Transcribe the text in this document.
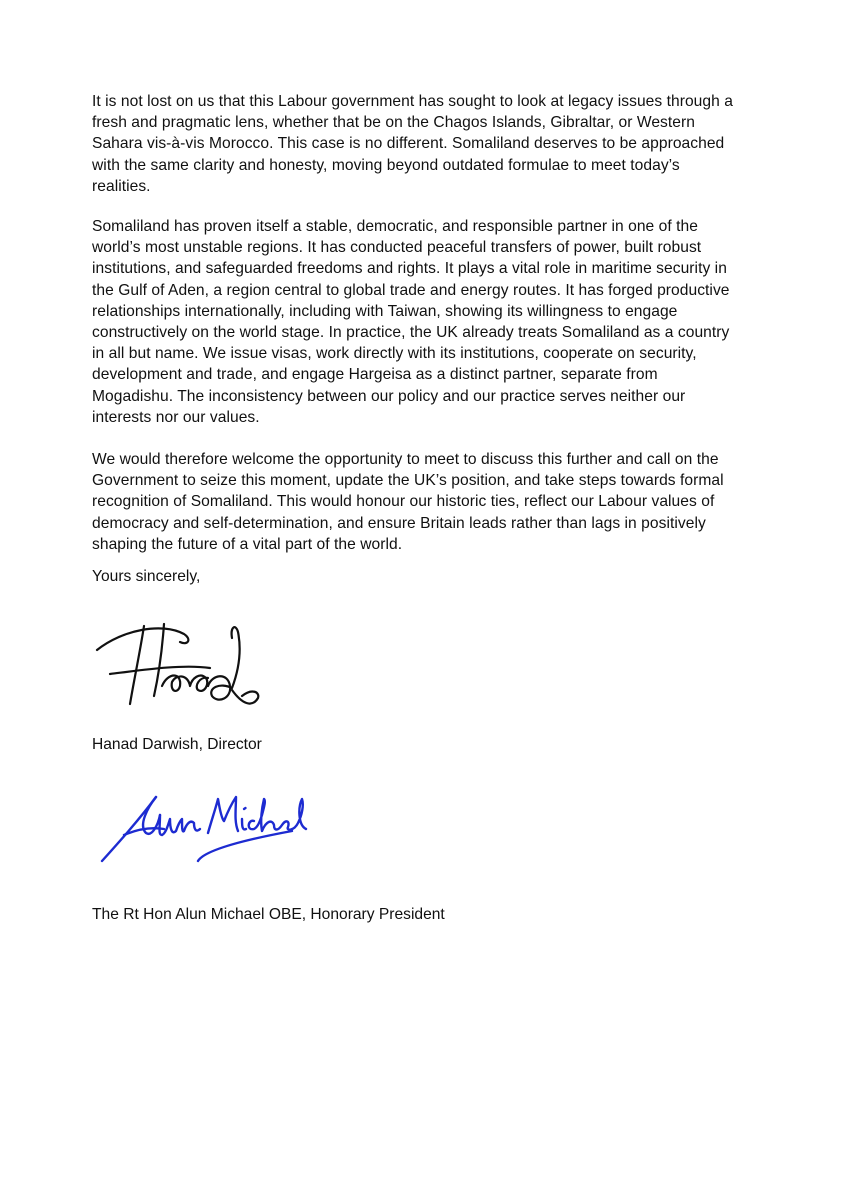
It is not lost on us that this Labour government has sought to look at legacy issues through a
fresh and pragmatic lens, whether that be on the Chagos Islands, Gibraltar, or Western
Sahara vis-à-vis Morocco. This case is no different. Somaliland deserves to be approached
with the same clarity and honesty, moving beyond outdated formulae to meet today’s
realities.
Somaliland has proven itself a stable, democratic, and responsible partner in one of the
world’s most unstable regions. It has conducted peaceful transfers of power, built robust
institutions, and safeguarded freedoms and rights. It plays a vital role in maritime security in
the Gulf of Aden, a region central to global trade and energy routes. It has forged productive
relationships internationally, including with Taiwan, showing its willingness to engage
constructively on the world stage. In practice, the UK already treats Somaliland as a country
in all but name. We issue visas, work directly with its institutions, cooperate on security,
development and trade, and engage Hargeisa as a distinct partner, separate from
Mogadishu. The inconsistency between our policy and our practice serves neither our
interests nor our values.
We would therefore welcome the opportunity to meet to discuss this further and call on the
Government to seize this moment, update the UK’s position, and take steps towards formal
recognition of Somaliland. This would honour our historic ties, reflect our Labour values of
democracy and self-determination, and ensure Britain leads rather than lags in positively
shaping the future of a vital part of the world.

Yours sincerely,

Hanad Darwish, Director

The Rt Hon Alun Michael OBE, Honorary President
